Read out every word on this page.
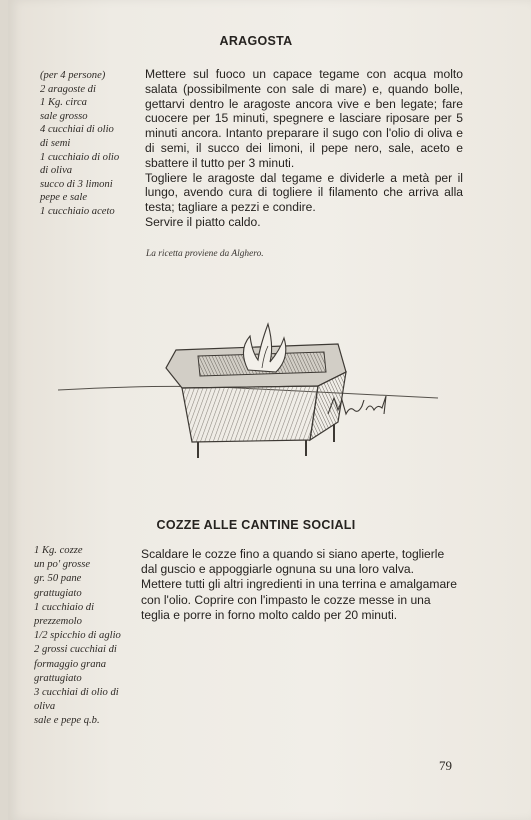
ARAGOSTA
(per 4 persone)
2 aragoste di
1 Kg. circa
sale grosso
4 cucchiai di olio
di semi
1 cucchiaio di olio
di oliva
succo di 3 limoni
pepe e sale
1 cucchiaio aceto

Mettere sul fuoco un capace tegame con acqua molto salata (possibilmente con sale di mare) e, quando bolle, gettarvi dentro le aragoste ancora vive e ben legate; fare cuocere per 15 minuti, spegnere e lasciare riposare per 5 minuti ancora. Intanto preparare il sugo con l'olio di oliva e di semi, il succo dei limoni, il pepe nero, sale, aceto e sbattere il tutto per 3 minuti.

Togliere le aragoste dal tegame e dividerle a metà per il lungo, avendo cura di togliere il filamento che arriva alla testa; tagliare a pezzi e condire.

Servire il piatto caldo.

La ricetta proviene da Alghero.
COZZE ALLE CANTINE SOCIALI
1 Kg. cozze
un po' grosse
gr. 50 pane
grattugiato
1 cucchiaio di
prezzemolo
1/2 spicchio di aglio
2 grossi cucchiai di
formaggio grana
grattugiato
3 cucchiai di olio di
oliva
sale e pepe q.b.

Scaldare le cozze fino a quando si siano aperte, toglierle dal guscio e appoggiarle ognuna su una loro valva.

Mettere tutti gli altri ingredienti in una terrina e amalgamare con l'olio. Coprire con l'impasto le cozze messe in una teglia e porre in forno molto caldo per 20 minuti.

79
